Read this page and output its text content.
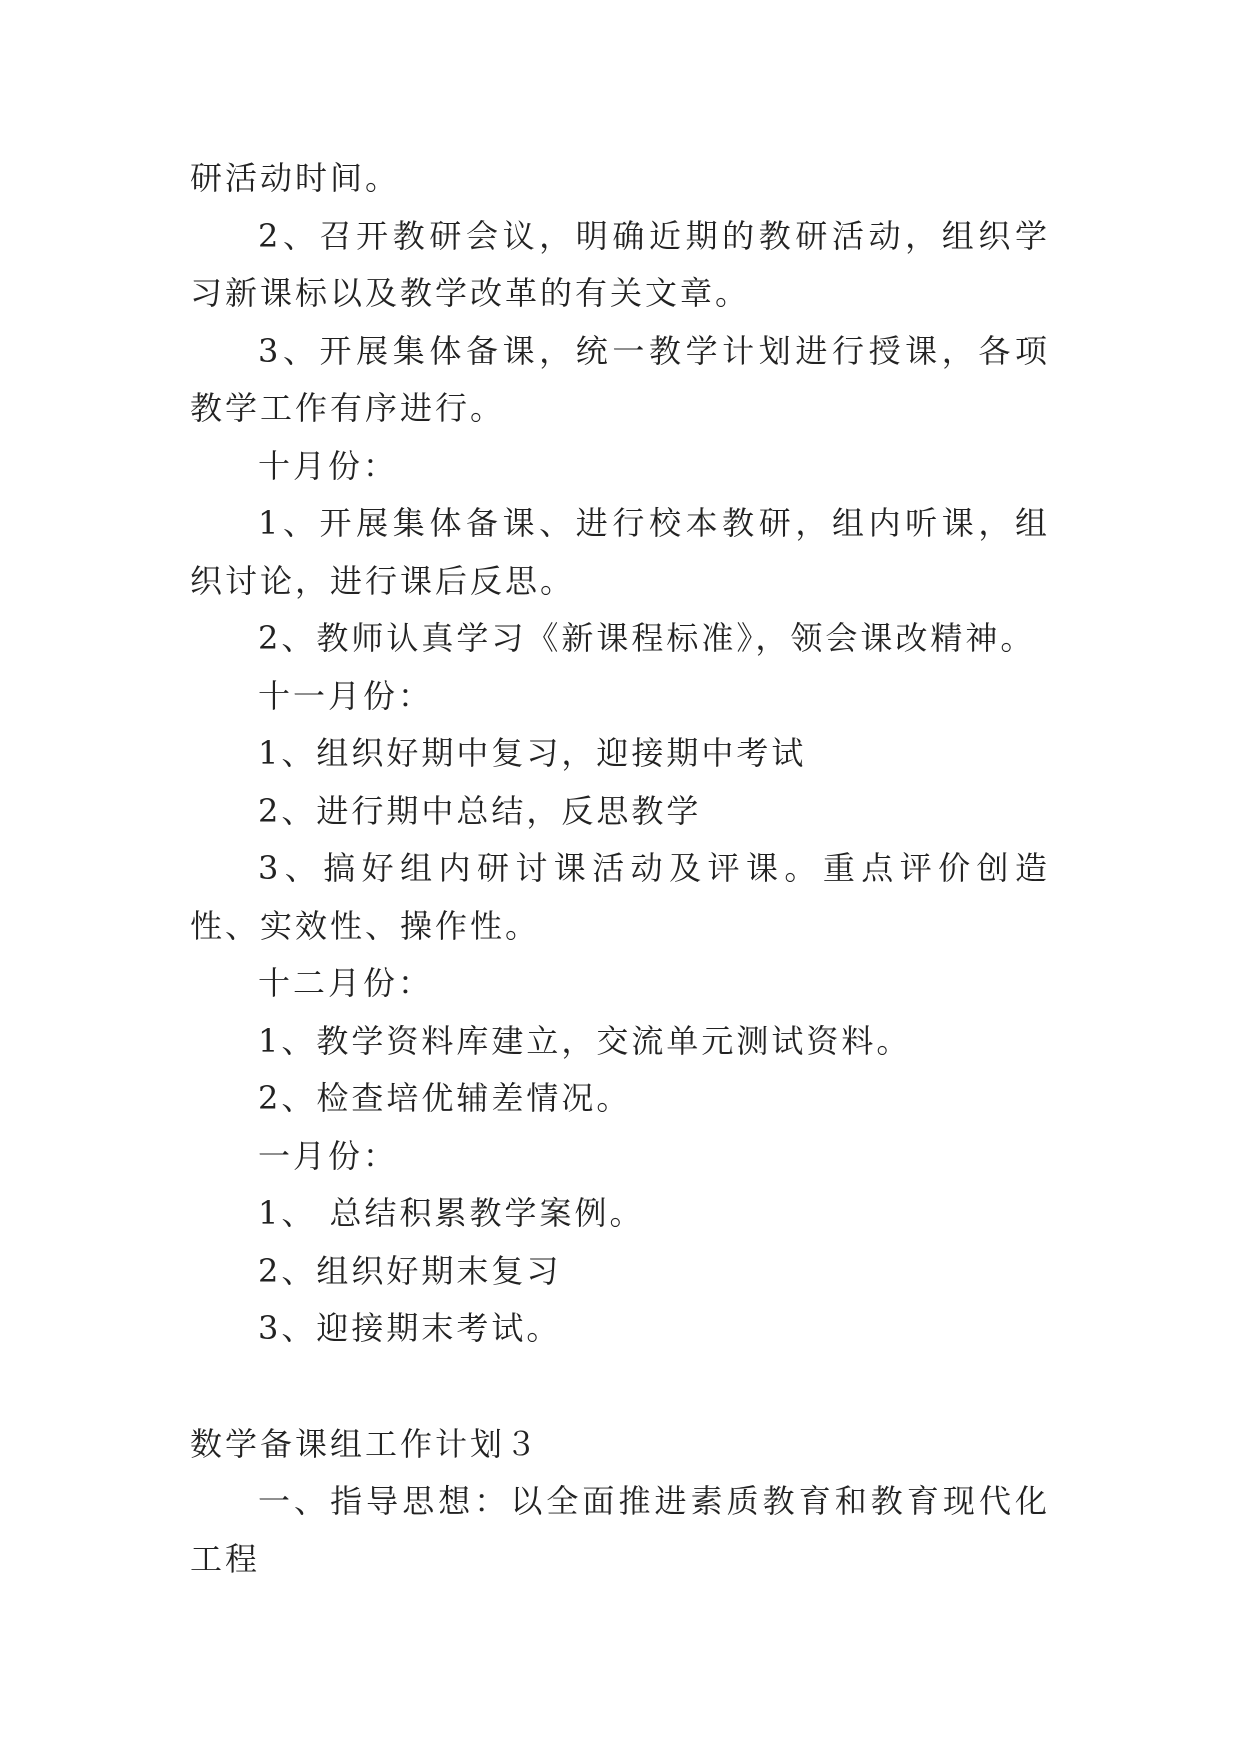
研活动时间。

2、召开教研会议，明确近期的教研活动，组织学习新课标以及教学改革的有关文章。

3、开展集体备课，统一教学计划进行授课，各项教学工作有序进行。

十月份：

1、开展集体备课、进行校本教研，组内听课，组织讨论，进行课后反思。

2、教师认真学习《新课程标准》，领会课改精神。

十一月份：

1、组织好期中复习，迎接期中考试

2、进行期中总结，反思教学

3、搞好组内研讨课活动及评课。重点评价创造性、实效性、操作性。

十二月份：

1、教学资料库建立，交流单元测试资料。

2、检查培优辅差情况。

一月份：

1、 总结积累教学案例。

2、组织好期末复习

3、迎接期末考试。

数学备课组工作计划３

一、指导思想：以全面推进素质教育和教育现代化工程
